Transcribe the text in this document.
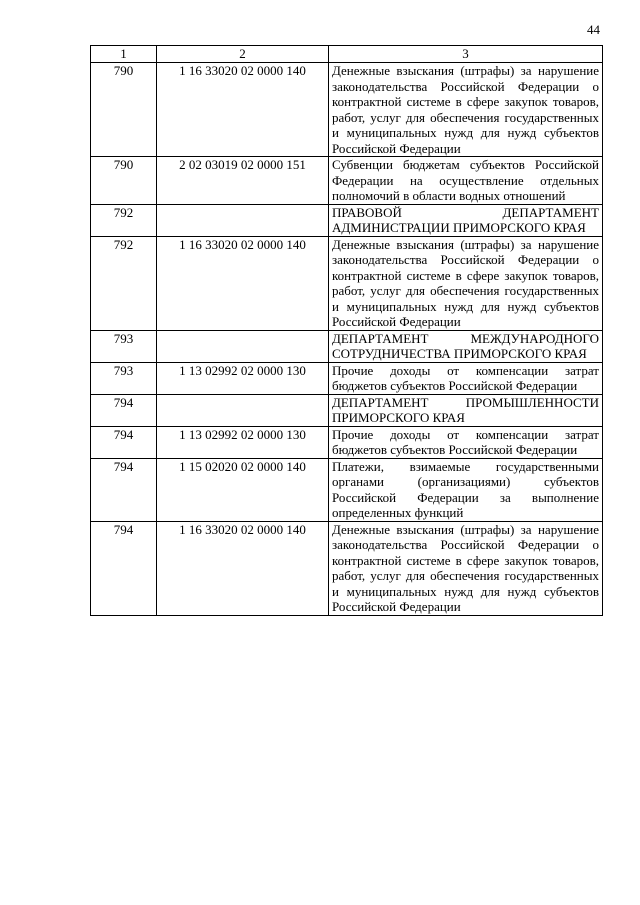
44
1	2	3
790	1 16 33020 02 0000 140	Денежные взыскания (штрафы) за нарушение законодательства Российской Федерации о контрактной системе в сфере закупок товаров, работ, услуг для обеспечения государственных и муниципальных нужд для нужд субъектов Российской Федерации
790	2 02 03019 02 0000 151	Субвенции бюджетам субъектов Российской Федерации на осуществление отдельных полномочий в области водных отношений
792		ПРАВОВОЙ ДЕПАРТАМЕНТ АДМИНИСТРАЦИИ ПРИМОРСКОГО КРАЯ
792	1 16 33020 02 0000 140	Денежные взыскания (штрафы) за нарушение законодательства Российской Федерации о контрактной системе в сфере закупок товаров, работ, услуг для обеспечения государственных и муниципальных нужд для нужд субъектов Российской Федерации
793		ДЕПАРТАМЕНТ МЕЖДУНАРОДНОГО СОТРУДНИЧЕСТВА ПРИМОРСКОГО КРАЯ
793	1 13 02992 02 0000 130	Прочие доходы от компенсации затрат бюджетов субъектов Российской Федерации
794		ДЕПАРТАМЕНТ ПРОМЫШЛЕННОСТИ ПРИМОРСКОГО КРАЯ
794	1 13 02992 02 0000 130	Прочие доходы от компенсации затрат бюджетов субъектов Российской Федерации
794	1 15 02020 02 0000 140	Платежи, взимаемые государственными органами (организациями) субъектов Российской Федерации за выполнение определенных функций
794	1 16 33020 02 0000 140	Денежные взыскания (штрафы) за нарушение законодательства Российской Федерации о контрактной системе в сфере закупок товаров, работ, услуг для обеспечения государственных и муниципальных нужд для нужд субъектов Российской Федерации
